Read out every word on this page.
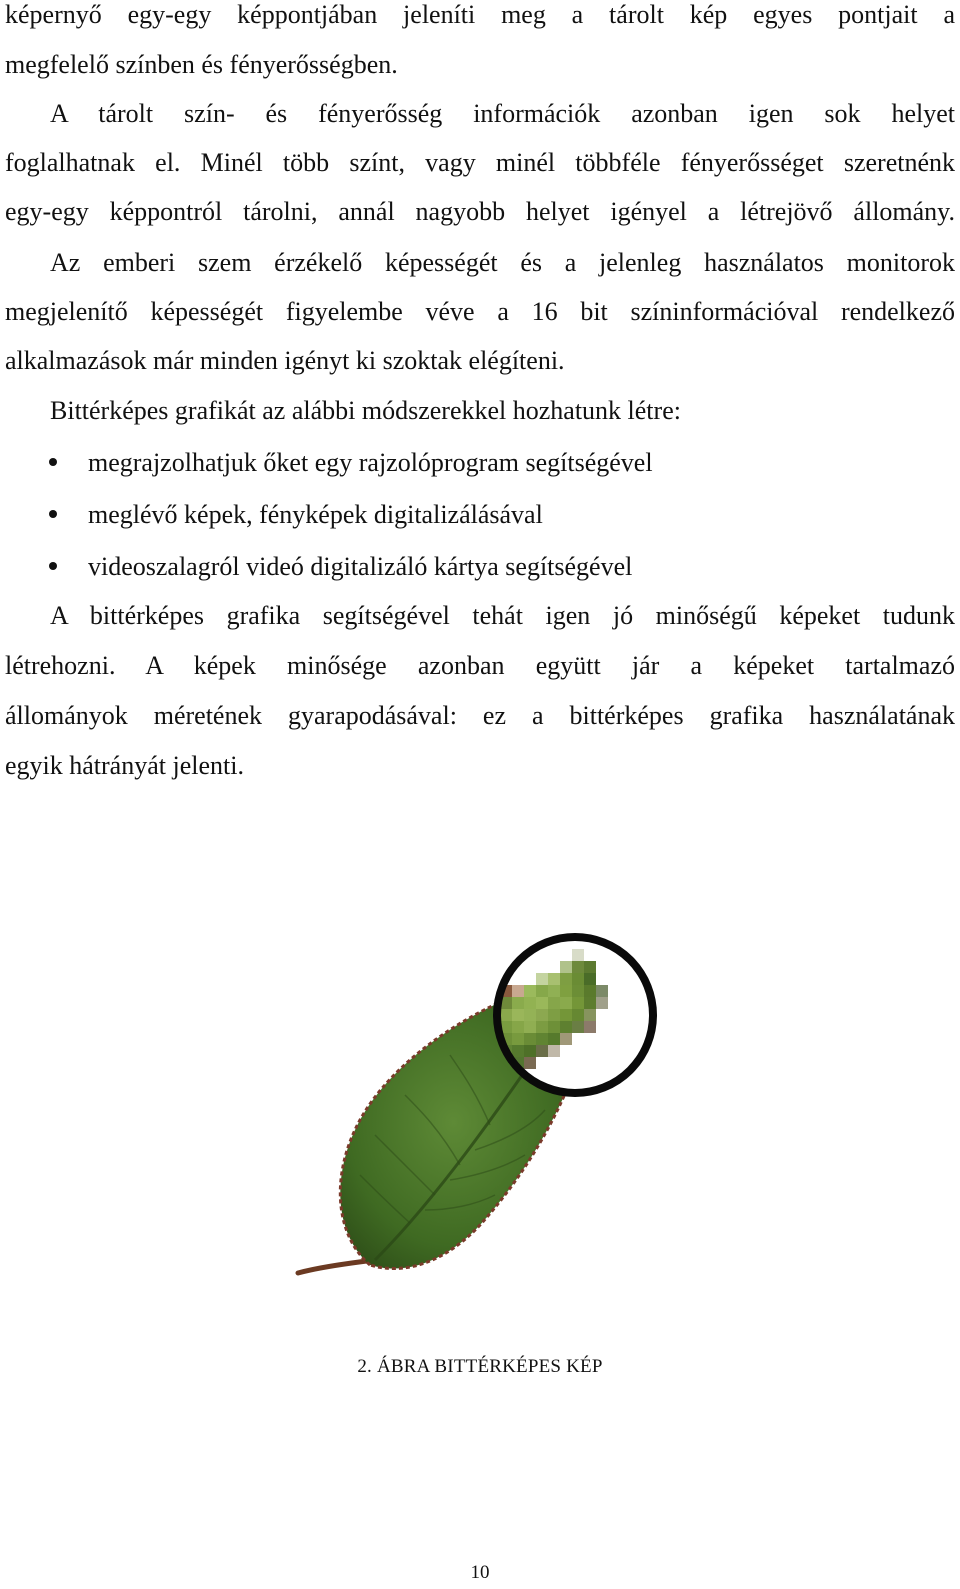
képernyő egy-egy képpontjában jeleníti meg a tárolt kép egyes pontjait a
megfelelő színben és fényerősségben.
A tárolt szín- és fényerősség információk azonban igen sok helyet
foglalhatnak el. Minél több színt, vagy minél többféle fényerősséget szeretnénk
egy-egy képpontról tárolni, annál nagyobb helyet igényel a létrejövő állomány.
Az emberi szem érzékelő képességét és a jelenleg használatos monitorok
megjelenítő képességét figyelembe véve a 16 bit színinformációval rendelkező
alkalmazások már minden igényt ki szoktak elégíteni.
Bittérképes grafikát az alábbi módszerekkel hozhatunk létre:
megrajzolhatjuk őket egy rajzolóprogram segítségével
meglévő képek, fényképek digitalizálásával
videoszalagról videó digitalizáló kártya segítségével
A bittérképes grafika segítségével tehát igen jó minőségű képeket tudunk
létrehozni. A képek minősége azonban együtt jár a képeket tartalmazó
állományok méretének gyarapodásával: ez a bittérképes grafika használatának
egyik hátrányát jelenti.
2. ÁBRA BITTÉRKÉPES KÉP
10
